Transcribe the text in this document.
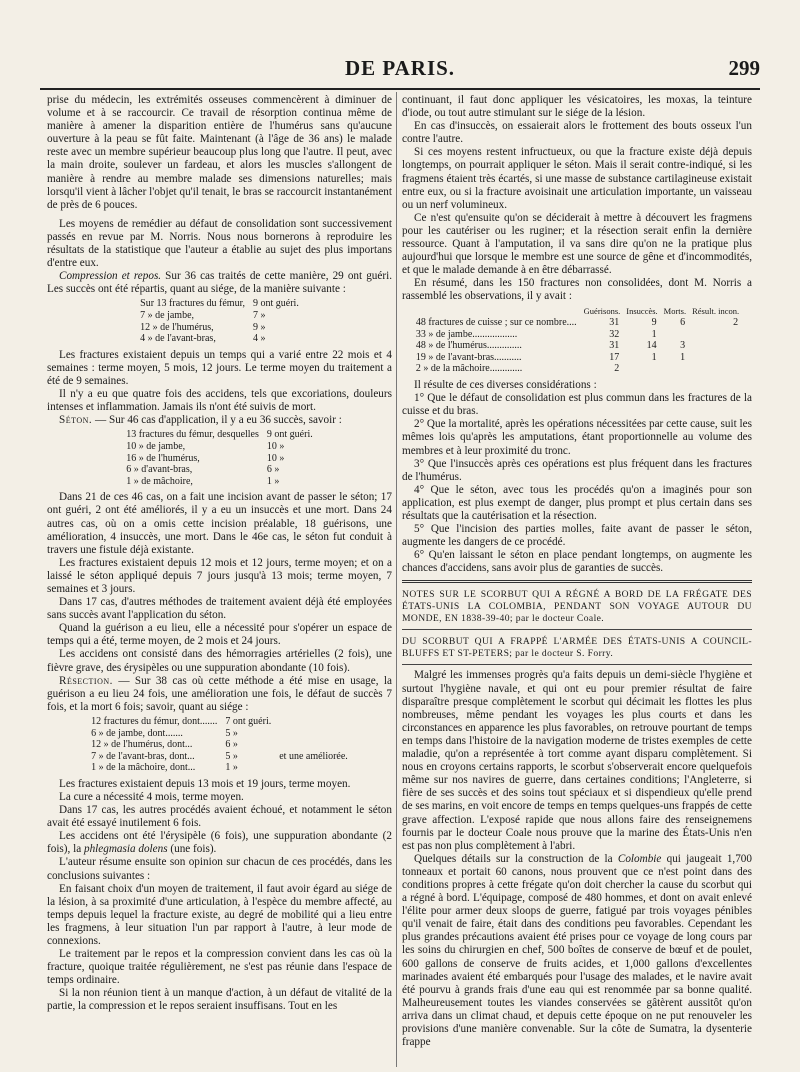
DE PARIS.	299

prise du médecin, les extrémités osseuses commencèrent à diminuer de volume et à se raccourcir. Ce travail de résorption continua même de manière à amener la disparition entière de l'humérus sans qu'aucune ouverture à la peau se fût faite. Maintenant (à l'âge de 36 ans) le malade reste avec un membre supérieur beaucoup plus long que l'autre. Il peut, avec la main droite, soulever un fardeau, et alors les muscles s'allongent de manière à rendre au membre malade ses dimensions naturelles; mais lorsqu'il vient à lâcher l'objet qu'il tenait, le bras se raccourcit instantanément de près de 6 pouces.

Les moyens de remédier au défaut de consolidation sont successivement passés en revue par M. Norris. Nous nous bornerons à reproduire les résultats de la statistique que l'auteur a établie au sujet des plus importans d'entre eux.

Compression et repos. Sur 36 cas traités de cette manière, 29 ont guéri. Les succès ont été répartis, quant au siége, de la manière suivante :

Sur 13 fractures du fémur,	9 ont guéri.
7 » de jambe,	7 »
12 » de l'humérus,	9 »
4 » de l'avant-bras,	4 »

Les fractures existaient depuis un temps qui a varié entre 22 mois et 4 semaines : terme moyen, 5 mois, 12 jours. Le terme moyen du traitement a été de 9 semaines.

Il n'y a eu que quatre fois des accidens, tels que excoriations, douleurs intenses et inflammation. Jamais ils n'ont été suivis de mort.

Séton. — Sur 46 cas d'application, il y a eu 36 succès, savoir :

13 fractures du fémur, desquelles	9 ont guéri.
10 » de jambe,	10 »
16 » de l'humérus,	10 »
6 » d'avant-bras,	6 »
1 » de mâchoire,	1 »

Dans 21 de ces 46 cas, on a fait une incision avant de passer le séton; 17 ont guéri, 2 ont été améliorés, il y a eu un insuccès et une mort. Dans 24 autres cas, où on a omis cette incision préalable, 18 guérisons, une amélioration, 4 insuccès, une mort. Dans le 46e cas, le séton fut conduit à travers une fistule déjà existante.

Les fractures existaient depuis 12 mois et 12 jours, terme moyen; et on a laissé le séton appliqué depuis 7 jours jusqu'à 13 mois; terme moyen, 7 semaines et 3 jours.

Dans 17 cas, d'autres méthodes de traitement avaient déjà été employées sans succès avant l'application du séton.

Quand la guérison a eu lieu, elle a nécessité pour s'opérer un espace de temps qui a été, terme moyen, de 2 mois et 24 jours.

Les accidens ont consisté dans des hémorragies artérielles (2 fois), une fièvre grave, des érysipèles ou une suppuration abondante (10 fois).

Résection. — Sur 38 cas où cette méthode a été mise en usage, la guérison a eu lieu 24 fois, une amélioration une fois, le défaut de succès 7 fois, et la mort 6 fois; savoir, quant au siége :

12 fractures du fémur, dont.......	7 ont guéri.	
6 » de jambe, dont.......	5 »	
12 » de l'humérus, dont...	6 »	
7 » de l'avant-bras, dont...	5 »	et une améliorée.
1 » de la mâchoire, dont...	1 »	

Les fractures existaient depuis 13 mois et 19 jours, terme moyen.

La cure a nécessité 4 mois, terme moyen.

Dans 17 cas, les autres procédés avaient échoué, et notamment le séton avait été essayé inutilement 6 fois.

Les accidens ont été l'érysipèle (6 fois), une suppuration abondante (2 fois), la phlegmasia dolens (une fois).

L'auteur résume ensuite son opinion sur chacun de ces procédés, dans les conclusions suivantes :

En faisant choix d'un moyen de traitement, il faut avoir égard au siége de la lésion, à sa proximité d'une articulation, à l'espèce du membre affecté, au temps depuis lequel la fracture existe, au degré de mobilité qui a lieu entre les fragmens, à leur situation l'un par rapport à l'autre, à leur mode de connexions.

Le traitement par le repos et la compression convient dans les cas où la fracture, quoique traitée régulièrement, ne s'est pas réunie dans l'espace de temps ordinaire.

Si la non réunion tient à un manque d'action, à un défaut de vitalité de la partie, la compression et le repos seraient insuffisans. Tout en les

continuant, il faut donc appliquer les vésicatoires, les moxas, la teinture d'iode, ou tout autre stimulant sur le siége de la lésion.

En cas d'insuccès, on essaierait alors le frottement des bouts osseux l'un contre l'autre.

Si ces moyens restent infructueux, ou que la fracture existe déjà depuis longtemps, on pourrait appliquer le séton. Mais il serait contre-indiqué, si les fragmens étaient très écartés, si une masse de substance cartilagineuse existait entre eux, ou si la fracture avoisinait une articulation importante, un vaisseau ou un nerf volumineux.

Ce n'est qu'ensuite qu'on se déciderait à mettre à découvert les fragmens pour les cautériser ou les ruginer; et la résection serait enfin la dernière ressource. Quant à l'amputation, il va sans dire qu'on ne la pratique plus aujourd'hui que lorsque le membre est une source de gêne et d'incommodités, et que le malade demande à en être débarrassé.

En résumé, dans les 150 fractures non consolidées, dont M. Norris a rassemblé les observations, il y avait :

	Guérisons.	Insuccès.	Morts.	Résult. incon.
48 fractures de cuisse ; sur ce nombre....	31	9	6	2
33 » de jambe..................	32	1		
48 » de l'humérus..............	31	14	3	
19 » de l'avant-bras...........	17	1	1	
2 » de la mâchoire.............	2			

Il résulte de ces diverses considérations :

1° Que le défaut de consolidation est plus commun dans les fractures de la cuisse et du bras.

2° Que la mortalité, après les opérations nécessitées par cette cause, suit les mêmes lois qu'après les amputations, étant proportionnelle au volume des membres et à leur proximité du tronc.

3° Que l'insuccès après ces opérations est plus fréquent dans les fractures de l'humérus.

4° Que le séton, avec tous les procédés qu'on a imaginés pour son application, est plus exempt de danger, plus prompt et plus certain dans ses résultats que la cautérisation et la résection.

5° Que l'incision des parties molles, faite avant de passer le séton, augmente les dangers de ce procédé.

6° Qu'en laissant le séton en place pendant longtemps, on augmente les chances d'accidens, sans avoir plus de garanties de succès.

NOTES SUR LE SCORBUT QUI A RÉGNÉ A BORD DE LA FRÉGATE DES ÉTATS-UNIS LA COLOMBIA, PENDANT SON VOYAGE AUTOUR DU MONDE, EN 1838-39-40; par le docteur Coale.

DU SCORBUT QUI A FRAPPÉ L'ARMÉE DES ÉTATS-UNIS A COUNCIL-BLUFFS ET ST-PETERS; par le docteur S. Forry.

Malgré les immenses progrès qu'a faits depuis un demi-siècle l'hygiène et surtout l'hygiène navale, et qui ont eu pour premier résultat de faire disparaître presque complètement le scorbut qui décimait les flottes les plus nombreuses, même pendant les voyages les plus courts et dans les circonstances en apparence les plus favorables, on retrouve pourtant de temps en temps dans l'histoire de la navigation moderne de tristes exemples de cette maladie, qu'on a représentée à tort comme ayant disparu complètement. Si nous en croyons certains rapports, le scorbut s'observerait encore quelquefois même sur nos navires de guerre, dans certaines conditions; l'Angleterre, si fière de ses succès et des soins tout spéciaux et si dispendieux qu'elle prend de ses marins, en voit encore de temps en temps quelques-uns frappés de cette grave affection. L'exposé rapide que nous allons faire des renseignemens fournis par le docteur Coale nous prouve que la marine des États-Unis n'en est pas non plus complètement à l'abri.

Quelques détails sur la construction de la Colombie qui jaugeait 1,700 tonneaux et portait 60 canons, nous prouvent que ce n'est point dans des conditions propres à cette frégate qu'on doit chercher la cause du scorbut qui a régné à bord. L'équipage, composé de 480 hommes, et dont on avait enlevé l'élite pour armer deux sloops de guerre, fatigué par trois voyages pénibles qu'il venait de faire, était dans des conditions peu favorables. Cependant les plus grandes précautions avaient été prises pour ce voyage de long cours par les soins du chirurgien en chef, 500 boîtes de conserve de bœuf et de poulet, 600 gallons de conserve de fruits acides, et 1,000 gallons d'excellentes marinades avaient été embarqués pour l'usage des malades, et le navire avait été pourvu à grands frais d'une eau qui est renommée par sa bonne qualité. Malheureusement toutes les viandes conservées se gâtèrent aussitôt qu'on arriva dans un climat chaud, et depuis cette époque on ne put renouveler les provisions d'une manière convenable. Sur la côte de Sumatra, la dysenterie frappe
